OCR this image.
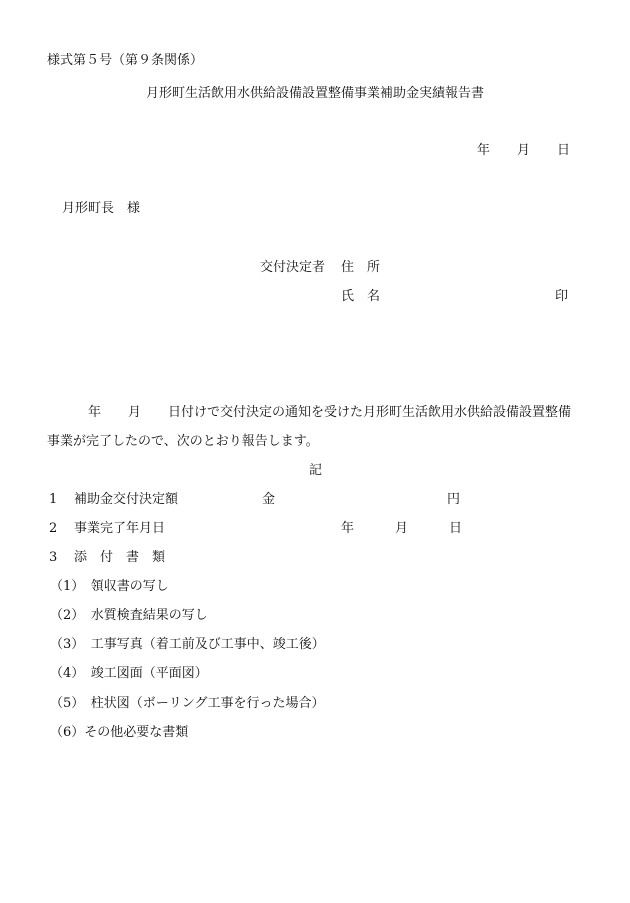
様式第５号（第９条関係）
月形町生活飲用水供給設備設置整備事業補助金実績報告書
年 月 日
月形町長　様
交付決定者 住　所
氏　名	印
年 月 日付けで交付決定の通知を受けた月形町生活飲用水供給設備設置整備
事業が完了したので、次のとおり報告します。
記
1 補助金交付決定額	金	円
2 事業完了年月日	年	月	日
3 添　付　書　類
（1）　領収書の写し
（2）　水質検査結果の写し
（3）　工事写真（着工前及び工事中、竣工後）
（4）　竣工図面（平面図）
（5）　柱状図（ボーリング工事を行った場合）
（6）その他必要な書類
